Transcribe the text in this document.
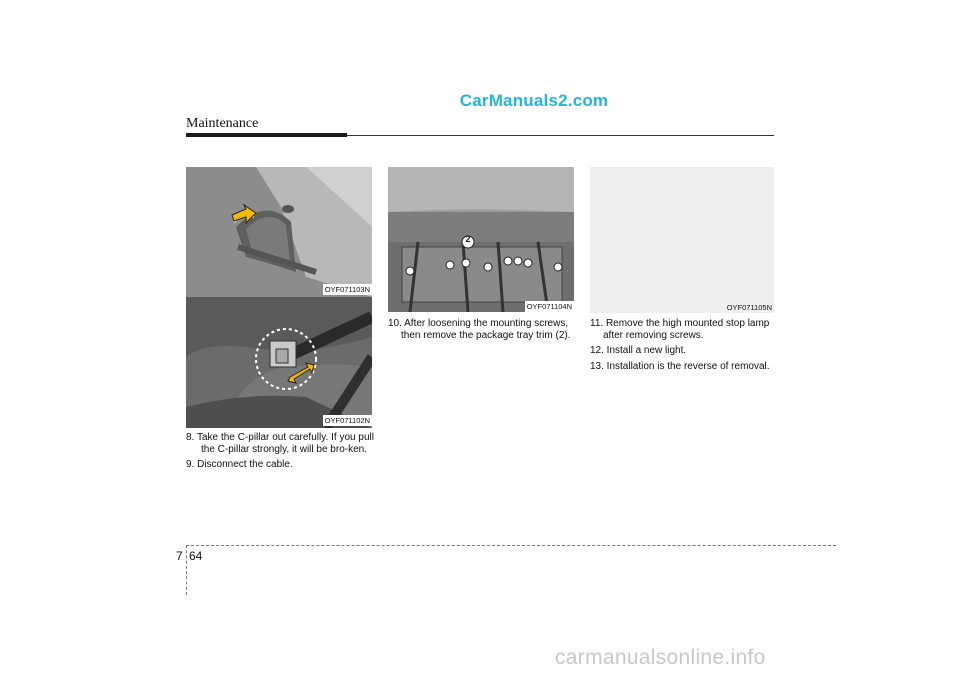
CarManuals2.com
Maintenance
OYF071103N
OYF071102N
8. Take the C-pillar out carefully. If you pull the C-pillar strongly, it will be bro-ken.
9. Disconnect the cable.
2
OYF071104N
10. After loosening the mounting screws, then remove the package tray trim (2).
OYF071105N
11. Remove the high mounted stop lamp after removing screws.
12. Install a new light.
13. Installation is the reverse of removal.
7 64
carmanualsonline.info
